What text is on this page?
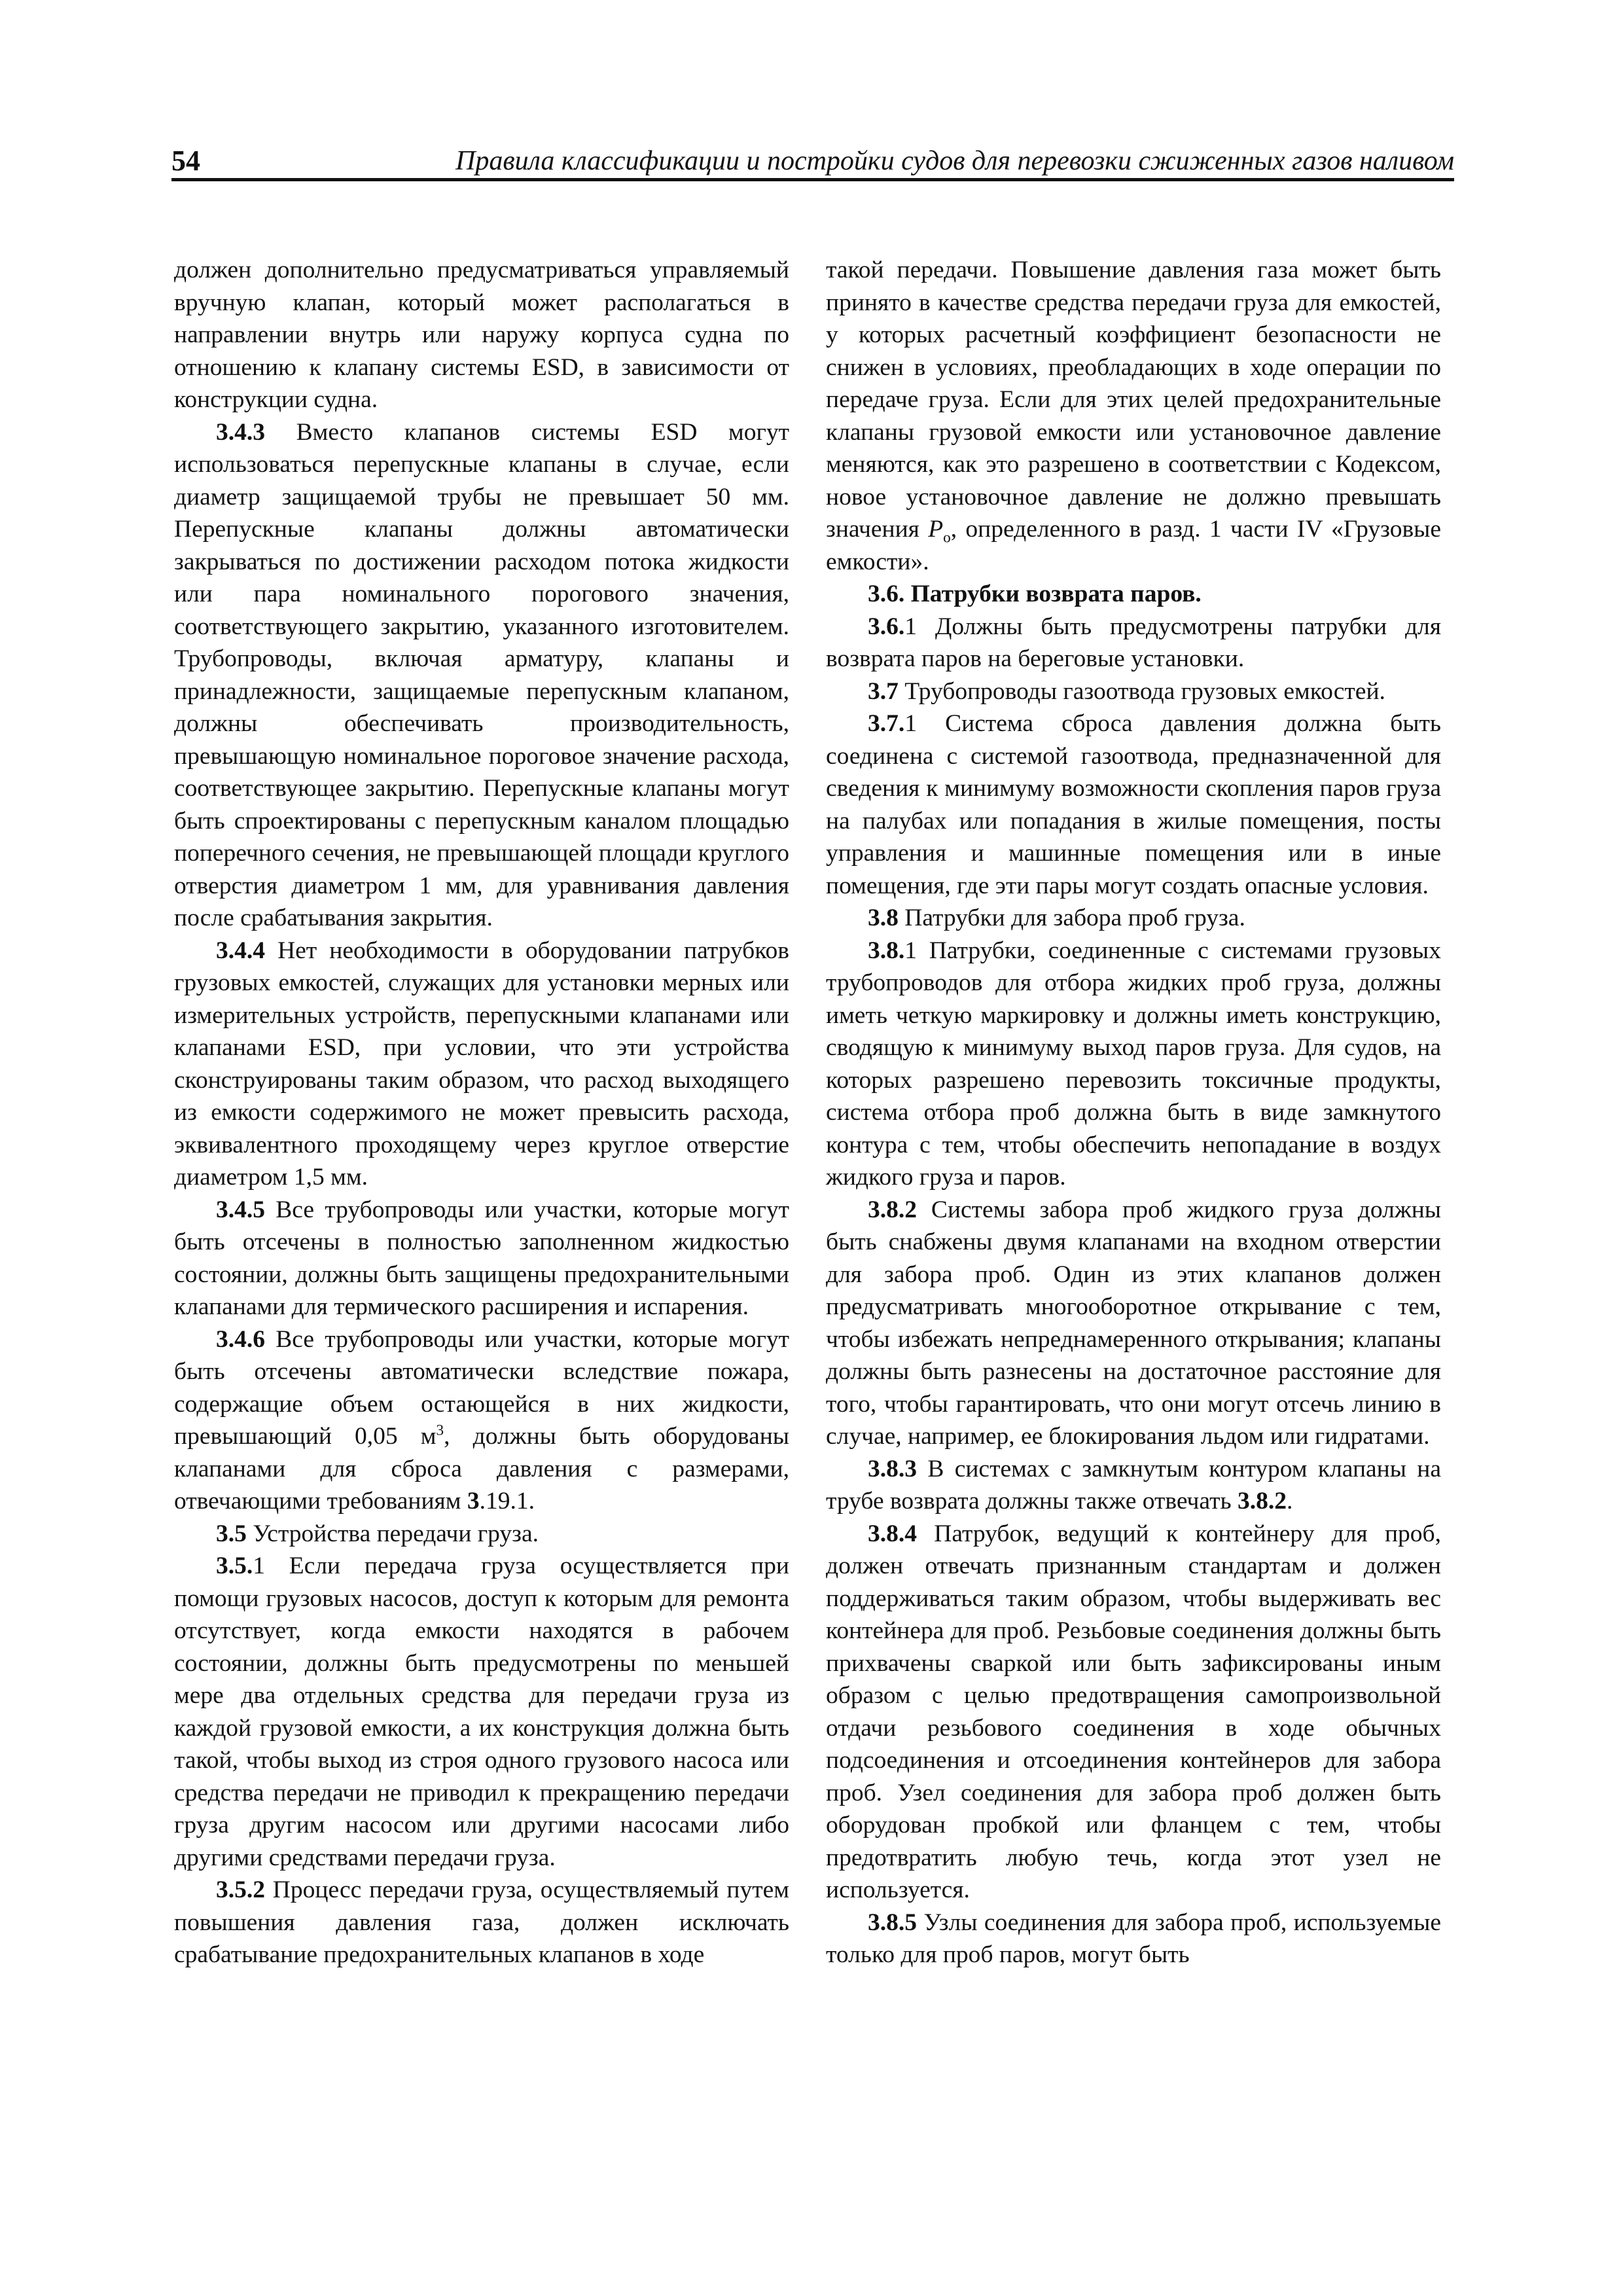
54	Правила классификации и постройки судов для перевозки сжиженных газов наливом

должен дополнительно предусматриваться управляемый вручную клапан, который может располагаться в направлении внутрь или наружу корпуса судна по отношению к клапану системы ESD, в зависимости от конструкции судна.

3.4.3 Вместо клапанов системы ESD могут использоваться перепускные клапаны в случае, если диаметр защищаемой трубы не превышает 50 мм. Перепускные клапаны должны автоматически закрываться по достижении расходом потока жидкости или пара номинального порогового значения, соответствующего закрытию, указанного изготовителем. Трубопроводы, включая арматуру, клапаны и принадлежности, защищаемые перепускным клапаном, должны обеспечивать производительность, превышающую номинальное пороговое значение расхода, соответствующее закрытию. Перепускные клапаны могут быть спроектированы с перепускным каналом площадью поперечного сечения, не превышающей площади круглого отверстия диаметром 1 мм, для уравнивания давления после срабатывания закрытия.

3.4.4 Нет необходимости в оборудовании патрубков грузовых емкостей, служащих для установки мерных или измерительных устройств, перепускными клапанами или клапанами ESD, при условии, что эти устройства сконструированы таким образом, что расход выходящего из емкости содержимого не может превысить расхода, эквивалентного проходящему через круглое отверстие диаметром 1,5 мм.

3.4.5 Все трубопроводы или участки, которые могут быть отсечены в полностью заполненном жидкостью состоянии, должны быть защищены предохранительными клапанами для термического расширения и испарения.

3.4.6 Все трубопроводы или участки, которые могут быть отсечены автоматически вследствие пожара, содержащие объем остающейся в них жидкости, превышающий 0,05 $м^3$, должны быть оборудованы клапанами для сброса давления с размерами, отвечающими требованиям 3.19.1.

3.5 Устройства передачи груза.

3.5.1 Если передача груза осуществляется при помощи грузовых насосов, доступ к которым для ремонта отсутствует, когда емкости находятся в рабочем состоянии, должны быть предусмотрены по меньшей мере два отдельных средства для передачи груза из каждой грузовой емкости, а их конструкция должна быть такой, чтобы выход из строя одного грузового насоса или средства передачи не приводил к прекращению передачи груза другим насосом или другими насосами либо другими средствами передачи груза.

3.5.2 Процесс передачи груза, осуществляемый путем повышения давления газа, должен исключать срабатывание предохранительных клапанов в ходе

такой передачи. Повышение давления газа может быть принято в качестве средства передачи груза для емкостей, у которых расчетный коэффициент безопасности не снижен в условиях, преобладающих в ходе операции по передаче груза. Если для этих целей предохранительные клапаны грузовой емкости или установочное давление меняются, как это разрешено в соответствии с Кодексом, новое установочное давление не должно превышать значения $P_o$, определенного в разд. 1 части IV «Грузовые емкости».

3.6. Патрубки возврата паров.

3.6.1 Должны быть предусмотрены патрубки для возврата паров на береговые установки.

3.7 Трубопроводы газоотвода грузовых емкостей.

3.7.1 Система сброса давления должна быть соединена с системой газоотвода, предназначенной для сведения к минимуму возможности скопления паров груза на палубах или попадания в жилые помещения, посты управления и машинные помещения или в иные помещения, где эти пары могут создать опасные условия.

3.8 Патрубки для забора проб груза.

3.8.1 Патрубки, соединенные с системами грузовых трубопроводов для отбора жидких проб груза, должны иметь четкую маркировку и должны иметь конструкцию, сводящую к минимуму выход паров груза. Для судов, на которых разрешено перевозить токсичные продукты, система отбора проб должна быть в виде замкнутого контура с тем, чтобы обеспечить непопадание в воздух жидкого груза и паров.

3.8.2 Системы забора проб жидкого груза должны быть снабжены двумя клапанами на входном отверстии для забора проб. Один из этих клапанов должен предусматривать многооборотное открывание с тем, чтобы избежать непреднамеренного открывания; клапаны должны быть разнесены на достаточное расстояние для того, чтобы гарантировать, что они могут отсечь линию в случае, например, ее блокирования льдом или гидратами.

3.8.3 В системах с замкнутым контуром клапаны на трубе возврата должны также отвечать 3.8.2.

3.8.4 Патрубок, ведущий к контейнеру для проб, должен отвечать признанным стандартам и должен поддерживаться таким образом, чтобы выдерживать вес контейнера для проб. Резьбовые соединения должны быть прихвачены сваркой или быть зафиксированы иным образом с целью предотвращения самопроизвольной отдачи резьбового соединения в ходе обычных подсоединения и отсоединения контейнеров для забора проб. Узел соединения для забора проб должен быть оборудован пробкой или фланцем с тем, чтобы предотвратить любую течь, когда этот узел не используется.

3.8.5 Узлы соединения для забора проб, используемые только для проб паров, могут быть
